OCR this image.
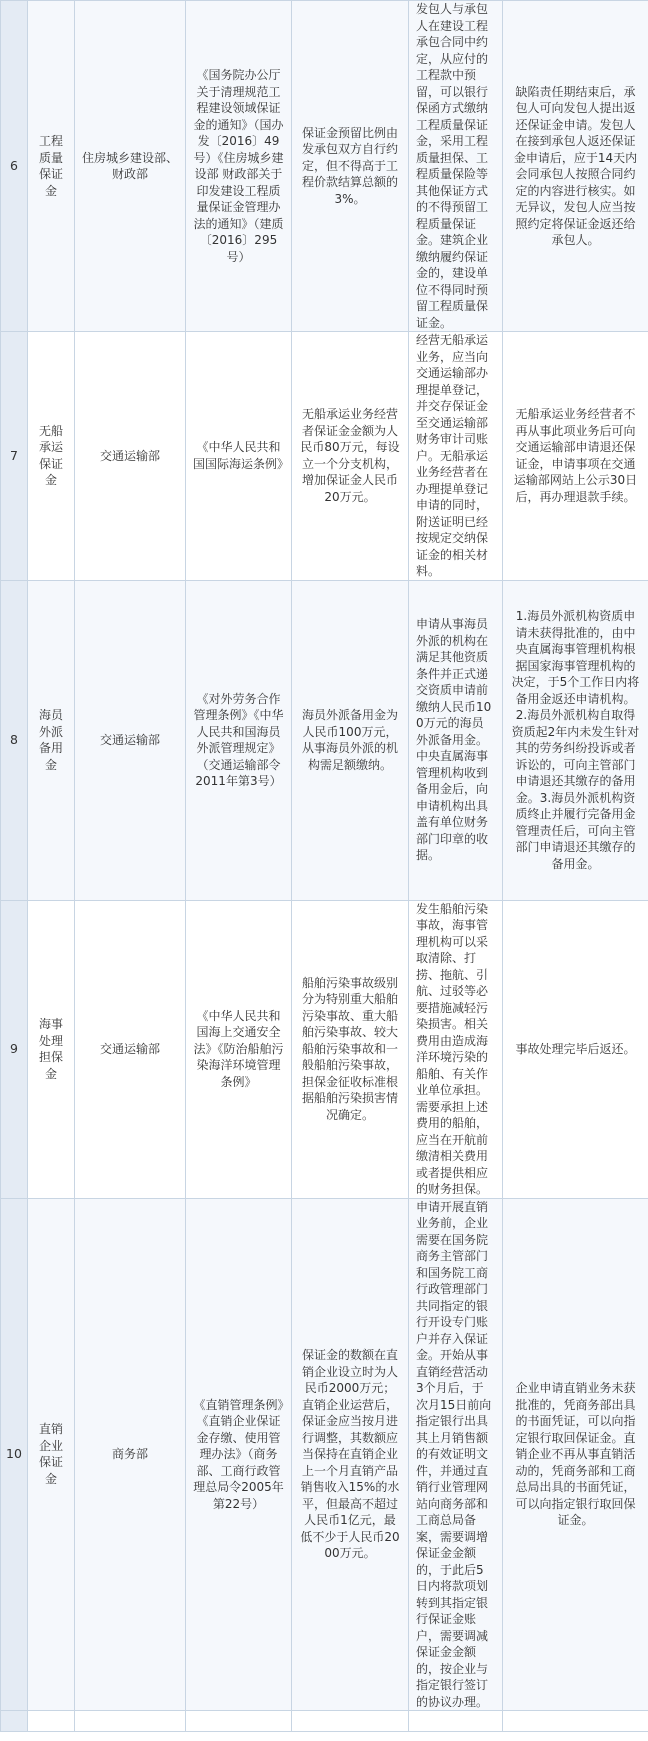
6	工程质量保证金	住房城乡建设部、财政部	《国务院办公厅关于清理规范工程建设领域保证金的通知》（国办发〔2016〕49号）《住房城乡建设部 财政部关于印发建设工程质量保证金管理办法的通知》（建质〔2016〕295号）	保证金预留比例由发承包双方自行约定，但不得高于工程价款结算总额的3%。	发包人与承包人在建设工程承包合同中约定，从应付的工程款中预留，可以银行保函方式缴纳工程质量保证金，采用工程质量担保、工程质量保险等其他保证方式的不得预留工程质量保证金。建筑企业缴纳履约保证金的，建设单位不得同时预留工程质量保证金。	缺陷责任期结束后，承包人可向发包人提出返还保证金申请。发包人在接到承包人返还保证金申请后，应于14天内会同承包人按照合同约定的内容进行核实。如无异议，发包人应当按照约定将保证金返还给承包人。
7	无船承运保证金	交通运输部	《中华人民共和国国际海运条例》	无船承运业务经营者保证金金额为人民币80万元，每设立一个分支机构，增加保证金人民币20万元。	经营无船承运业务，应当向交通运输部办理提单登记，并交存保证金至交通运输部财务审计司账户。无船承运业务经营者在办理提单登记申请的同时，附送证明已经按规定交纳保证金的相关材料。	无船承运业务经营者不再从事此项业务后可向交通运输部申请退还保证金，申请事项在交通运输部网站上公示30日后，再办理退款手续。
8	海员外派备用金	交通运输部	《对外劳务合作管理条例》《中华人民共和国海员外派管理规定》（交通运输部令2011年第3号）	海员外派备用金为人民币100万元，从事海员外派的机构需足额缴纳。	申请从事海员外派的机构在满足其他资质条件并正式递交资质申请前缴纳人民币100万元的海员外派备用金。中央直属海事管理机构收到备用金后，向申请机构出具盖有单位财务部门印章的收据。	1.海员外派机构资质申请未获得批准的，由中央直属海事管理机构根据国家海事管理机构的决定，于5个工作日内将备用金返还申请机构。2.海员外派机构自取得资质起2年内未发生针对其的劳务纠纷投诉或者诉讼的，可向主管部门申请退还其缴存的备用金。3.海员外派机构资质终止并履行完备用金管理责任后，可向主管部门申请退还其缴存的备用金。
9	海事处理担保金	交通运输部	《中华人民共和国海上交通安全法》《防治船舶污染海洋环境管理条例》	船舶污染事故级别分为特别重大船舶污染事故、重大船舶污染事故、较大船舶污染事故和一般船舶污染事故，担保金征收标准根据船舶污染损害情况确定。	发生船舶污染事故，海事管理机构可以采取清除、打捞、拖航、引航、过驳等必要措施减轻污染损害。相关费用由造成海洋环境污染的船舶、有关作业单位承担。需要承担上述费用的船舶，应当在开航前缴清相关费用或者提供相应的财务担保。	事故处理完毕后返还。
10	直销企业保证金	商务部	《直销管理条例》《直销企业保证金存缴、使用管理办法》（商务部、工商行政管理总局令2005年第22号）	保证金的数额在直销企业设立时为人民币2000万元；直销企业运营后，保证金应当按月进行调整，其数额应当保持在直销企业上一个月直销产品销售收入15%的水平，但最高不超过人民币1亿元，最低不少于人民币2000万元。	申请开展直销业务前，企业需要在国务院商务主管部门和国务院工商行政管理部门共同指定的银行开设专门账户并存入保证金。开始从事直销经营活动3个月后，于次月15日前向指定银行出具其上月销售额的有效证明文件，并通过直销行业管理网站向商务部和工商总局备案，需要调增保证金金额的，于此后5日内将款项划转到其指定银行保证金账户，需要调减保证金金额的，按企业与指定银行签订的协议办理。	企业申请直销业务未获批准的，凭商务部出具的书面凭证，可以向指定银行取回保证金。直销企业不再从事直销活动的，凭商务部和工商总局出具的书面凭证，可以向指定银行取回保证金。
